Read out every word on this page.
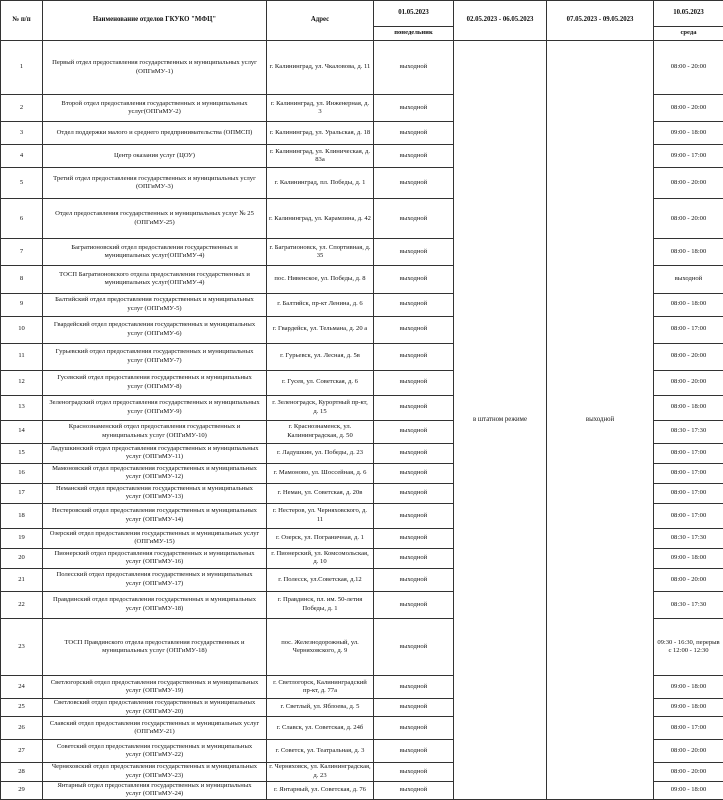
№ п/п	Наименование отделов ГКУКО "МФЦ"	Адрес	01.05.2023	02.05.2023 - 06.05.2023	07.05.2023 - 09.05.2023	10.05.2023
			понедельник			среда
1	Первый отдел предоставления государственных и муниципальных услуг (ОПГиМУ-1)	г. Калининград, ул. Чкаловова, д. 11	выходной	в штатном режиме	выходной	08:00 - 20:00
2	Второй отдел предоставления государственных и муниципальных услуг(ОПГиМУ-2)	г. Калининград, ул. Инженерная, д. 3	выходной			08:00 - 20:00
3	Отдел поддержки малого и среднего предпринимательства (ОПМСП)	г. Калининград, ул. Уральская, д. 18	выходной			09:00 - 18:00
4	Центр оказания услуг (ЦОУ)	г. Калининград, ул. Клиническая, д. 83а	выходной			09:00 - 17:00
5	Третий отдел предоставления государственных и муниципальных услуг (ОПГиМУ-3)	г. Калининград, пл. Победы, д. 1	выходной			08:00 - 20:00
6	Отдел предоставления государственных и муниципальных услуг № 25 (ОПГиМУ-25)	г. Калининград, ул. Карамзина, д. 42	выходной			08:00 - 20:00
7	Багратионовский отдел предоставления государственных и муниципальных услуг(ОПГиМУ-4)	г. Багратионовск, ул. Спортивная, д. 35	выходной			08:00 - 18:00
8	ТОСП Багратионовского отдела предоставления государственных и муниципальных услуг(ОПГиМУ-4)	пос. Нивенское, ул. Победы, д. 8	выходной			выходной
9	Балтийский отдел предоставления государственных и муниципальных услуг (ОПГиМУ-5)	г. Балтийск, пр-кт Ленина, д. 6	выходной			08:00 - 18:00
10	Гвардейский отдел предоставления государственных и муниципальных услуг (ОПГиМУ-6)	г. Гвардейск, ул. Тельмана, д. 20 а	выходной			08:00 - 17:00
11	Гурьевский отдел предоставления государственных и муниципальных услуг (ОПГиМУ-7)	г. Гурьевск, ул. Лесная, д. 5в	выходной			08:00 - 20:00
12	Гусевский отдел предоставления государственных и муниципальных услуг (ОПГиМУ-8)	г. Гусев, ул. Советская, д. 6	выходной			08:00 - 20:00
13	Зеленоградский отдел предоставления государственных и муниципальных услуг (ОПГиМУ-9)	г. Зеленоградск, Курортный пр-кт, д. 15	выходной			08:00 - 18:00
14	Краснознаменский отдел предоставления государственных и муниципальных услуг (ОПГиМУ-10)	г. Краснознаменск, ул. Калининградская, д. 50	выходной			08:30 - 17:30
15	Ладушкинский отдел предоставления государственных и муниципальных услуг (ОПГиМУ-11)	г. Ладушкин, ул. Победы, д. 23	выходной			08:00 - 17:00
16	Мамоновский отдел предоставления государственных и муниципальных услуг (ОПГиМУ-12)	г. Мамоново, ул. Шоссейная, д. 6	выходной			08:00 - 17:00
17	Неманский отдел предоставления государственных и муниципальных услуг (ОПГиМУ-13)	г. Неман, ул. Советская, д. 20в	выходной			08:00 - 17:00
18	Нестеровский отдел предоставления государственных и муниципальных услуг (ОПГиМУ-14)	г. Нестеров, ул. Черняховского, д. 11	выходной			08:00 - 17:00
19	Озерский отдел предоставления государственных и муниципальных услуг (ОПГиМУ-15)	г. Озерск, ул. Пограничная, д. 1	выходной			08:30 - 17:30
20	Пионерский отдел предоставления государственных и муниципальных услуг (ОПГиМУ-16)	г. Пионерский, ул. Комсомольская, д. 10	выходной			09:00 - 18:00
21	Полесский отдел предоставления государственных и муниципальных услуг (ОПГиМУ-17)	г. Полесск, ул.Советская, д.12	выходной			08:00 - 20:00
22	Правдинский отдел предоставления государственных и муниципальных услуг (ОПГиМУ-18)	г. Правдинск, пл. им. 50-летия Победы, д. 1	выходной			08:30 - 17:30
23	ТОСП Правдинского отдела предоставления государственных и муниципальных услуг (ОПГиМУ-18)	пос. Железнодорожный, ул. Черняховского, д. 9	выходной			09:30 - 16:30, перерыв с 12:00 - 12:30
24	Светлогорский отдел предоставления государственных и муниципальных услуг (ОПГиМУ-19)	г. Светлогорск, Калининградский пр-кт, д. 77а	выходной			09:00 - 18:00
25	Светловский отдел предоставления государственных и муниципальных услуг (ОПГиМУ-20)	г. Светлый, ул. Яблоева, д. 5	выходной			09:00 - 18:00
26	Славский отдел предоставления государственных и муниципальных услуг (ОПГиМУ-21)	г. Славск, ул. Советская, д. 24б	выходной			08:00 - 17:00
27	Советский отдел предоставления государственных и муниципальных услуг (ОПГиМУ-22)	г. Советск, ул. Театральная, д. 3	выходной			08:00 - 20:00
28	Черняховский отдел предоставления государственных и муниципальных услуг (ОПГиМУ-23)	г. Черняховск, ул. Калининградская, д. 23	выходной			08:00 - 20:00
29	Янтарный отдел предоставления государственных и муниципальных услуг (ОПГиМУ-24)	г. Янтарный, ул. Советская, д. 76	выходной			09:00 - 18:00
